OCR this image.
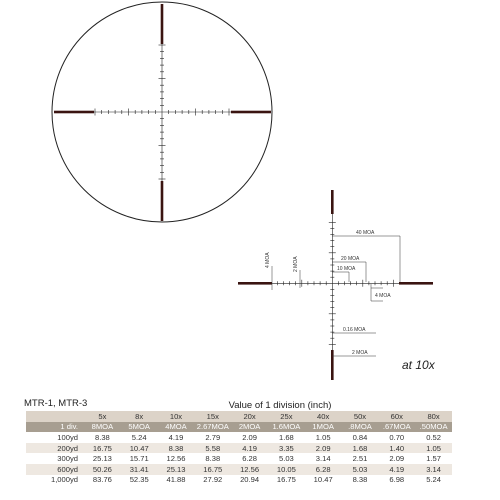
4 MOA	2 MOA
40 MOA
20 MOA
10 MOA
4 MOA
0.16 MOA
2 MOA
at 10x
MTR-1, MTR-3	Value of 1 division (inch)
	5x	8x	10x	15x	20x	25x	40x	50x	60x	80x
1 div.	8MOA	5MOA	4MOA	2.67MOA	2MOA	1.6MOA	1MOA	.8MOA	.67MOA	.50MOA
100yd	8.38	5.24	4.19	2.79	2.09	1.68	1.05	0.84	0.70	0.52
200yd	16.75	10.47	8.38	5.58	4.19	3.35	2.09	1.68	1.40	1.05
300yd	25.13	15.71	12.56	8.38	6.28	5.03	3.14	2.51	2.09	1.57
600yd	50.26	31.41	25.13	16.75	12.56	10.05	6.28	5.03	4.19	3.14
1,000yd	83.76	52.35	41.88	27.92	20.94	16.75	10.47	8.38	6.98	5.24
